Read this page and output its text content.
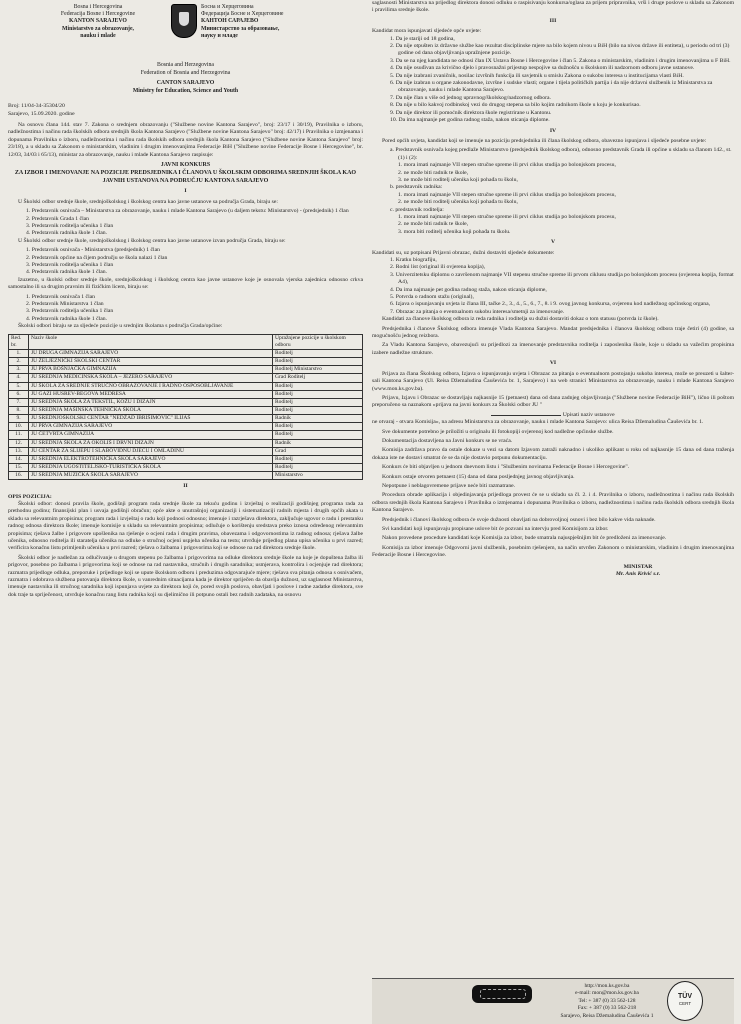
Bosna i Hercegovina
Federacija Bosne i Hercegovine
KANTON SARAJEVO
Ministarstvo za obrazovanje,
nauku i mlade
Босна и Херцеговина
Федерација Босне и Херцеговине
КАНТОН САРАЈЕВО
Министарство за образовање,
науку и младе
Bosnia and Herzegovina
Federation of Bosnia and Herzegovina
CANTON SARAJEVO
Ministry for Education, Science and Youth
Broj: 11/04-34-35304/20
Sarajevo, 15.09.2020. godine

Na osnovu člana 144. stav 7. Zakona o srednjem obrazovanju ("Službene novine Kantona Sarajevo", broj: 23/17 i 30/19), Pravilnika o izboru, nadležnostima i načinu rada školskih odbora srednjih škola Kantona Sarajevo ("Službene novine Kantona Sarajevo" broj: 42/17) i Pravilnika o izmjenama i dopunama Pravilnika o izboru, nadležnostima i načinu rada školskih odbora srednjih škola Kantona Sarajevo ("Službene novine Kantona Sarajevo" broj: 23/18), a u skladu sa Zakonom o ministarskim, vladinim i drugim imenovanjima Federacije BiH ("Službene novine Federacije Bosne i Hercegovine", br. 12/03, 34/03 i 65/13), ministar za obrazovanje, nauku i mlade Kantona Sarajevo raspisuje:

JAVNI KONKURS
ZA IZBOR I IMENOVANJE NA POZICIJE PREDSJEDNIKA I ČLANOVA U ŠKOLSKIM ODBORIMA SREDNJIH ŠKOLA KAO JAVNIH USTANOVA NA PODRUČJU KANTONA SARAJEVO
I

U Školski odbor srednje škole, srednjoškolskog i školskog centra kao javne ustanove sa područja Grada, biraju se:

1. Predstavnik osnivača – Ministarstva za obrazovanje, nauku i mlade Kantona Sarajevo (u daljem tekstu: Ministarstvo) - (predsjednik) 1 član
2. Predstavnik Grada 1 član
3. Predstavnik roditelja učenika 1 član
4. Predstavnik radnika škole 1 član.

U Školski odbor srednje škole, srednjoškolskog i školskog centra kao javne ustanove izvan područja Grada, biraju se:

1. Predstavnik osnivača - Ministarstva (predsjednik) 1 član
2. Predstavnik općine na čijem području se škola nalazi 1 član
3. Predstavnik roditelja učenika 1 član
4. Predstavnik radnika škole 1 član.

Izuzetno, u školski odbor srednje škole, srednjoškolskog i školskog centra kao javne ustanove koje je osnovala vjerska zajednica odnosno crkva samostalno ili sa drugim pravnim ili fizičkim licem, biraju se:

1. Predstavnik osnivača 1 član
2. Predstavnik Ministarstva 1 član
3. Predstavnik roditelja učenika 1 član
4. Predstavnik radnika škole 1 član.

Školski odbori biraju se za sljedeće pozicije u srednjim školama s područja Grada/općine:

Red. br.	Naziv škole	Upražnjene pozicije u školskom odboru
1.	JU DRUGA GIMNAZIJA SARAJEVO	Roditelj
2.	JU ŽELJEZNIČKI ŠKOLSKI CENTAR	Roditelj
3.	JU PRVA BOŠNJAČKA GIMNAZIJA	Roditelj Ministarstvo
4.	JU SREDNJA MEDICINSKA ŠKOLA – JEZERO SARAJEVO	Grad Roditelj
5.	JU ŠKOLA ZA SREDNJE STRUČNO OBRAZOVANJE I RADNO OSPOSOBLJAVANJE	Roditelj
6.	JU GAZI HUSREV-BEGOVA MEDRESA	Roditelj
7.	JU SREDNJA ŠKOLA ZA TEKSTIL, KOŽU I DIZAJN	Roditelj
8.	JU SREDNJA MAŠINSKA TEHNIČKA ŠKOLA	Roditelj
9.	JU SREDNJOŠKOLSKI CENTAR "NEDŽAD IBRIŠIMOVIĆ" ILIJAŠ	Radnik
10.	JU PRVA GIMNAZIJA SARAJEVO	Roditelj
11.	JU ČETVRTA GIMNAZIJA	Roditelj
12.	JU SREDNJA ŠKOLA ZA OKOLIŠ I DRVNI DIZAJN	Radnik
13.	JU CENTAR ZA SLIJEPU I SLABOVIDNU DJECU I OMLADINU	Grad
14.	JU SREDNJA ELEKTROTEHNIČKA ŠKOLA SARAJEVO	Roditelj
15.	JU SREDNJA UGOSTITELJSKO-TURISTIČKA ŠKOLA	Roditelj
16.	JU SREDNJA MUZIČKA ŠKOLA SARAJEVO	Ministarstvo
II
OPIS POZICIJA:

Školski odbor: donosi pravila škole, godišnji program rada srednje škole za tekuću godinu i izvještaj o realizaciji godišnjeg programa rada za prethodnu godinu; finansijski plan i usvaja godišnji obračun; opće akte o unutrašnjoj organizaciji i sistematizaciji radnih mjesta i drugih općih akata u skladu sa relevantnim propisima; program rada i izvještaj o radu koji podnosi odnosno; imenuje i razrješava direktora, zaključuje ugovor o radu i prestanku radnog odnosa direktora škole; imenuje komisije u skladu sa relevantnim propisima; odlučuje o korištenju sredstava preko iznosa određenog relevantnim propisima; rješava žalbe i prigovore upošlenika na rješenje o ocjeni rada i drugim pravima, obavezama i odgovornostima iz radnog odnosa; rješava žalbe učenika, odnosno roditelja ili staratelja učenika na odluke o stručnoj ocjeni uspjeha učenika na testu; utvrđuje prijedlog plana upisa učenika u prvi razred; verificira konačnu listu primljenih učenika u prvi razred; rješava o žalbama i prigovorima koji se odnose na rad direktora srednje škole.

Školski odbor je nadležan za odlučivanje u drugom stepenu po žalbama i prigovorima na odluke direktora srednje škole na koje je dopuštena žalba ili prigovor, posebno po žalbama i prigovorima koji se odnose na rad nastavnika, stručnih i drugih saradnika; usmjerava, kontrolira i ocjenjuje rad direktora; razmatra prijedloge odluka, preporuke i prijedloge koji se upute školskom odboru i preduzima odgovarajuće mjere; rješava sva pitanja odnosa s osnivačem, razmatra i odobrava službena putovanja direktora škole, u vanrednim situacijama kada je direktor spriječen da obavlja dužnost, uz saglasnost Ministarstva, imenuje nastavnika ili stručnog saradnika koji ispunjava uvjete za direktora koji će, pored svojih poslova, obavljati i poslove i radne zadatke direktora, sve dok traje ta spriječenost, utvrđuje konačnu rang listu radnika koji su djelimično ili potpuno ostali bez radnih zadataka, na osnovu

saglasnosti Ministarstva na prijedlog direktora donosi odluku o raspisivanju konkursa/oglasa za prijem pripravnika, vrši i druge poslove u skladu sa Zakonom i pravilima srednje škole.

III
Kandidat mora ispunjavati sljedeće opće uvjete:
1. Da je stariji od 18 godina,
2. Da nije otpušten iz državne službe kao rezultat disciplinske mjere na bilo kojem nivou u BiH (bilo na nivou države ili entiteta), u periodu od tri (3) godine od dana objavljivanja upražnjene pozicije.
3. Da se na njeg kandidata ne odnosi član IX Ustava Bosne i Hercegovine i član 5. Zakona o ministarskim, vladinim i drugim imenovanjima u F BiH.
4. Da nije osuđivan za krivično djelo i pravosnažni prijestup nespojive sa dužnošću u školskom ili nadzornom odboru javne ustanove.
5. Da nije izabrani zvaničnik, nosilac izvršnih funkcija ili savjetnik u smislu Zakona o sukobu interesa u institucijama vlasti BiH.
6. Da nije izabran u organe zakonodavne, izvršne i sudske vlasti; organe i tijela političkih partija i da nije državni službenik iz Ministarstva za obrazovanje, nauku i mlade Kantona Sarajevo.
7. Da nije član u više od jednog upravnog/školskog/nadzornog odbora.
8. Da nije u bilo kakvoj rodbinskoj vezi do drugog stepena sa bilo kojim radnikom škole u koju je konkurisao.
9. Da nije direktor ili pomoćnik direktora škole registrirane u Kantonu.
10. Da ima najmanje pet godina radnog staža, nakon sticanja diplome.
IV

Pored općih uvjeta, kandidat koji se imenuje na poziciju predsjednika ili člana školskog odbora, obavezno ispunjava i sljedeće posebne uvjete:

a. Predstavnik osnivača kojeg predlaže Ministarstvo (predsjednik školskog odbora), odnosno predstavnik Grada ili općine u skladu sa članom 142., st. (1) i (2):
1. mora imati najmanje VII stepen stručne spreme ili prvi ciklus studija po bolonjskom procesu,
2. ne može biti radnik te škole,
3. ne može biti roditelj učenika koji pohađa tu školu,
b. predstavnik radnika:
1. mora imati najmanje VII stepen stručne spreme ili prvi ciklus studija po bolonjskom procesu,
2. ne može biti roditelj učenika koji pohađa tu školu,
c. predstavnik roditelja:
1. mora imati najmanje VII stepen stručne spreme ili prvi ciklus studija po bolonjskom procesu,
2. ne može biti radnik te škole,
3. mora biti roditelj učenika koji pohađa tu školu.
V
Kandidati su, uz potpisani Prijavni obrazac, dužni dostaviti sljedeće dokumente:
1. Kratku biografiju,
2. Rodni list (original ili ovjerena kopija),
3. Univerzitetsku diplomu o završenom najmanje VII stepenu stručne spreme ili prvom ciklusu studija po bolonjskom procesu (ovjerena kopija, format A4),
4. Da ima najmanje pet godina radnog staža, nakon sticanja diplome,
5. Potvrda o radnom stažu (original),
6. Izjava o ispunjavanju uvjeta iz člana III, tačke 2., 3., 4., 5., 6., 7., 8. i 9. ovog javnog konkursa, ovjerenu kod nadležnog općinskog organa,
7. Obrazac za pitanja o eventualnom sukobu interesa/smetnji za imenovanje.

Kandidati za članove školskog odbora iz reda radnika i roditelja su dužni dostaviti dokaz o tom statusu (potvrda iz škole).

Predsjednika i članove Školskog odbora imenuje Vlada Kantona Sarajevo. Mandat predsjednika i članova školskog odbora traje četiri (4) godine, sa mogućnošću jednog reizbora.

Za Vladu Kantona Sarajevo, obavezujući su prijedlozi za imenovanje predstavnika roditelja i zaposlenika škole, koje u skladu sa važećim propisima izabere nadležne strukture.

VI

Prijava za člana Školskog odbora, Izjava o ispunjavanju uvjeta i Obrazac za pitanja o eventualnom postojanju sukoba interesa, može se preuzeti u šalter-sali Kantona Sarajevo (Ul. Reisa Džemaludina Čauševića br. 1, Sarajevo) i na web stranici Ministarstva za obrazovanje, nauku i mlade Kantona Sarajevo (www.mon.ks.gov.ba).

Prijavu, Izjavu i Obrazac se dostavljaju najkasnije 15 (petnaest) dana od dana zadnjeg objavljivanja ("Službene novine Federacije BiH"), lično ili poštom preporučeno sa naznakom »prijava na javni konkurs za Školski odbor JU "

Upisati naziv ustanove

ne otvaraj - otvara Komisija«, na adresu Ministarstva za obrazovanje, nauku i mlade Kantona Sarajevo: ulica Reisa Džemaludina Čauševića br. 1.

Sve dokumente potrebno je priložiti u originalu ili fotokopiji ovjerenoj kod nadležne općinske službe.

Dokumentacija dostavljena na Javni konkurs se ne vraća.

Komisija zadržava pravo da ostale dokaze u vezi sa datom Izjavom zatraži naknadno i ukoliko aplikant u roku od najkasnije 15 dana od dana traženja dokaza iste ne dostavi smatrat će se da nije dostavio potpunu dokumentaciju.

Konkurs će biti objavljen u jednom dnevnom listu i "Službenim novinama Federacije Bosne i Hercegovine".

Konkurs ostaje otvoren petnaest (15) dana od dana posljednjeg javnog objavljivanja.

Nepotpune i neblagovremene prijave neće biti razmatrane.

Procedura obrade aplikacija i objedinjavanja prijedloga provest će se u skladu sa čl. 2. i 4. Pravilnika o izboru, nadležnostima i načinu rada školskih odbora srednjih škola Kantona Sarajevo i Pravilnika o izmjenama i dopunama Pravilnika o izboru, nadležnostima i načinu rada školskih odbora srednjih škola Kantona Sarajevo.

Predsjednik i članovi školskog odbora će svoje dužnosti obavljati na dobrovoljnoj osnovi i bez bilo kakve vida naknade.

Svi kandidati koji ispunjavaju propisane uslove bit će pozvani na intervju pred Komisijom za izbor.

Nakon provedene procedure kandidati koje Komisija za izbor, bude smatrala najuspješnijim bit će predloženi za imenovanje.

Komisija za izbor imenuje Odgovorni javni službenik, posebnim rješenjem, na način utvrđen Zakonom o ministarskim, vladinim i drugim imenovanjima Federacije Bosne i Hercegovine.

MINISTAR
Mr. Anis Krivić s.r.
http://mon.ks.gov.ba
e-mail: mon@mon.ks.gov.ba
Tel: + 387 (0) 33 562-128
Fax: + 387 (0) 33 562-218
Sarajevo, Reisa Džemaludina Čauševića 1
TÜV
CERT
